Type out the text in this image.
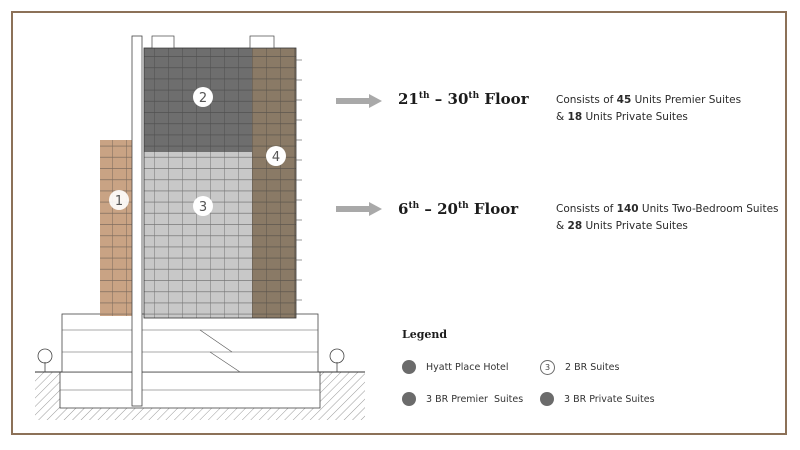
1
2
3
4
21th – 30th Floor	Consists of 45 Units Premier Suites
& 18 Units Private Suites
6th – 20th Floor	Consists of 140 Units Two-Bedroom Suites
& 28 Units Private Suites
Legend
Hyatt Place Hotel	3	2 BR Suites
3 BR Premier  Suites	3 BR Private Suites
